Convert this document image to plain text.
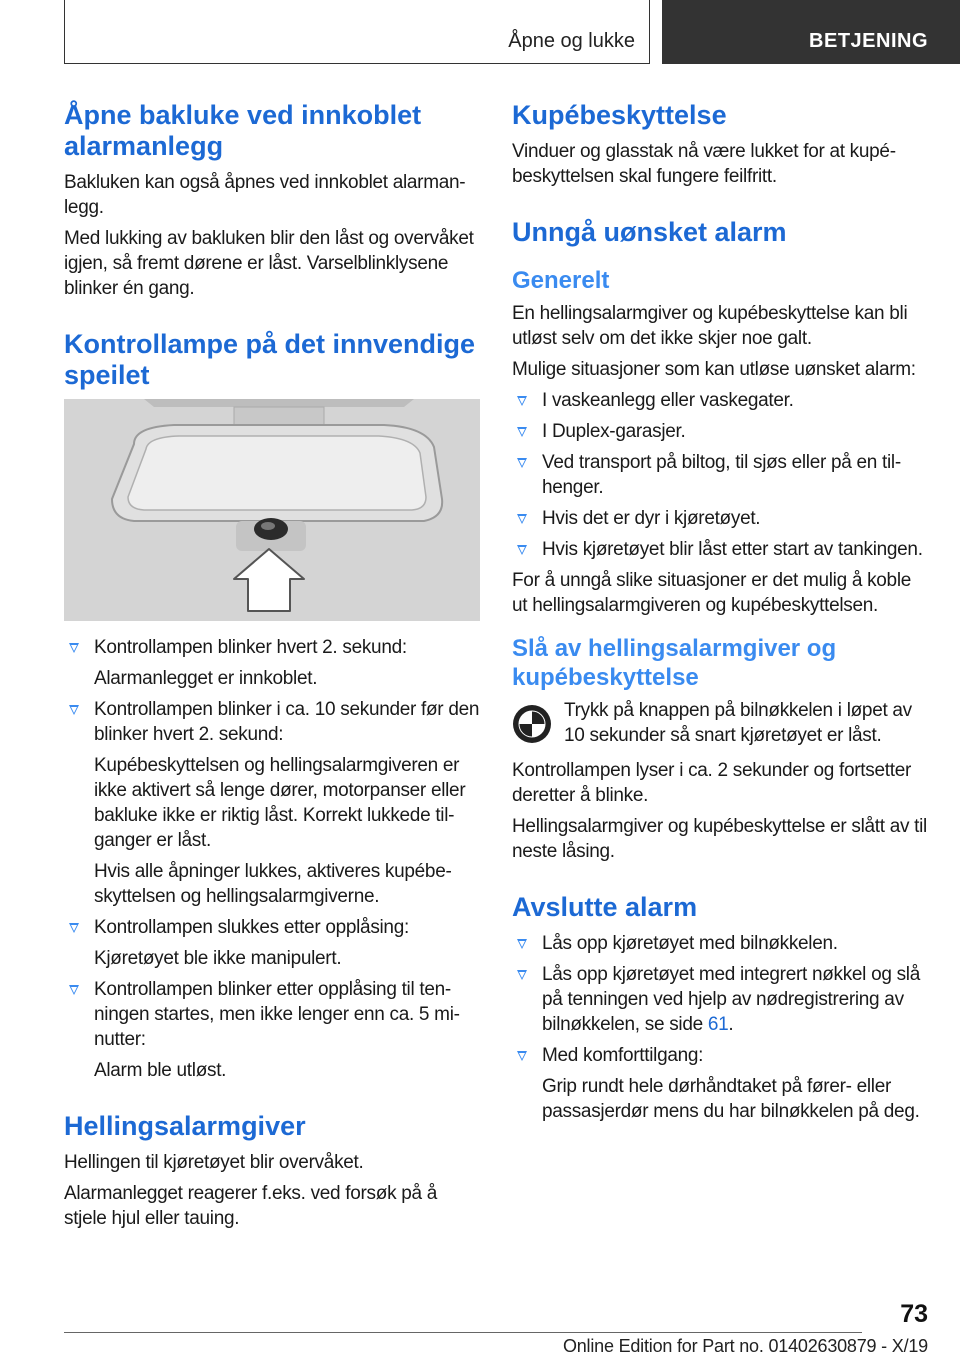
Åpne og lukke	BETJENING
Åpne bakluke ved innkoblet alarmanlegg

Bakluken kan også åpnes ved innkoblet alarmanlegg.

Med lukking av bakluken blir den låst og overvåket igjen, så fremt dørene er låst. Varselblinklysene blinker én gang.

Kontrollampe på det innvendige speilet
Kontrollampen blinker hvert 2. sekund:
Alarmanlegget er innkoblet.
Kontrollampen blinker i ca. 10 sekunder før den blinker hvert 2. sekund:
Kupébeskyttelsen og hellingsalarmgiveren er ikke aktivert så lenge dører, motorpanser eller bakluke ikke er riktig låst. Korrekt lukkede tilganger er låst.
Hvis alle åpninger lukkes, aktiveres kupébeskyttelsen og hellingsalarmgiverne.
Kontrollampen slukkes etter opplåsing:
Kjøretøyet ble ikke manipulert.
Kontrollampen blinker etter opplåsing til tenningen startes, men ikke lenger enn ca. 5 minutter:
Alarm ble utløst.
Hellingsalarmgiver

Hellingen til kjøretøyet blir overvåket.

Alarmanlegget reagerer f.eks. ved forsøk på å stjele hjul eller tauing.

Kupébeskyttelse

Vinduer og glasstak nå være lukket for at kupébeskyttelsen skal fungere feilfritt.

Unngå uønsket alarm
Generelt

En hellingsalarmgiver og kupébeskyttelse kan bli utløst selv om det ikke skjer noe galt.

Mulige situasjoner som kan utløse uønsket alarm:

I vaskeanlegg eller vaskegater.
I Duplex-garasjer.
Ved transport på biltog, til sjøs eller på en tilhenger.
Hvis det er dyr i kjøretøyet.
Hvis kjøretøyet blir låst etter start av tankingen.

For å unngå slike situasjoner er det mulig å koble ut hellingsalarmgiveren og kupébeskyttelsen.

Slå av hellingsalarmgiver og kupébeskyttelse

Trykk på knappen på bilnøkkelen i løpet av 10 sekunder så snart kjøretøyet er låst.

Kontrollampen lyser i ca. 2 sekunder og fortsetter deretter å blinke.

Hellingsalarmgiver og kupébeskyttelse er slått av til neste låsing.

Avslutte alarm
Lås opp kjøretøyet med bilnøkkelen.
Lås opp kjøretøyet med integrert nøkkel og slå på tenningen ved hjelp av nødregistrering av bilnøkkelen, se side 61.
Med komforttilgang:
Grip rundt hele dørhåndtaket på fører- eller passasjerdør mens du har bilnøkkelen på deg.
73
Online Edition for Part no. 01402630879 - X/19
